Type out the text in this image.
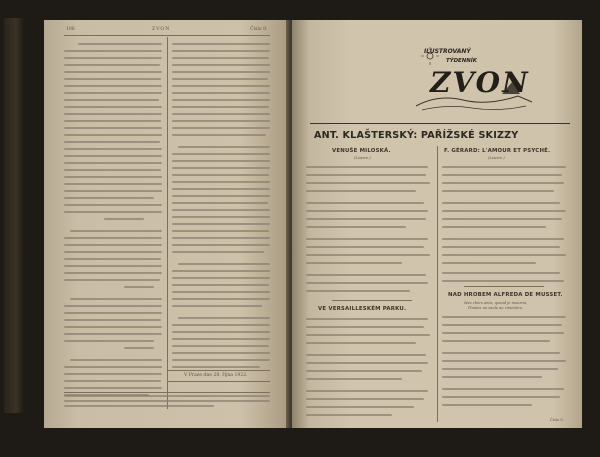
106	ZVON	Číslo 9.
V Praze dne 28. října 1922.
ILUSTROVANÝ
TÝDENNÍK
ZVON
ANT. KLAŠTERSKÝ: PAŘÍŽSKÉ SKIZZY
VENUŠE MILOSKÁ.
(Louvre.)
F. GÉRARD: L'AMOUR ET PSYCHÉ.
(Louvre.)
VE VERSAILLESKÉM PARKU.
NAD HROBEM ALFREDA DE MUSSET.
Mes chers amis, quand je mourrai,
Plantez un saule au cimetière.
Číslo 9.
